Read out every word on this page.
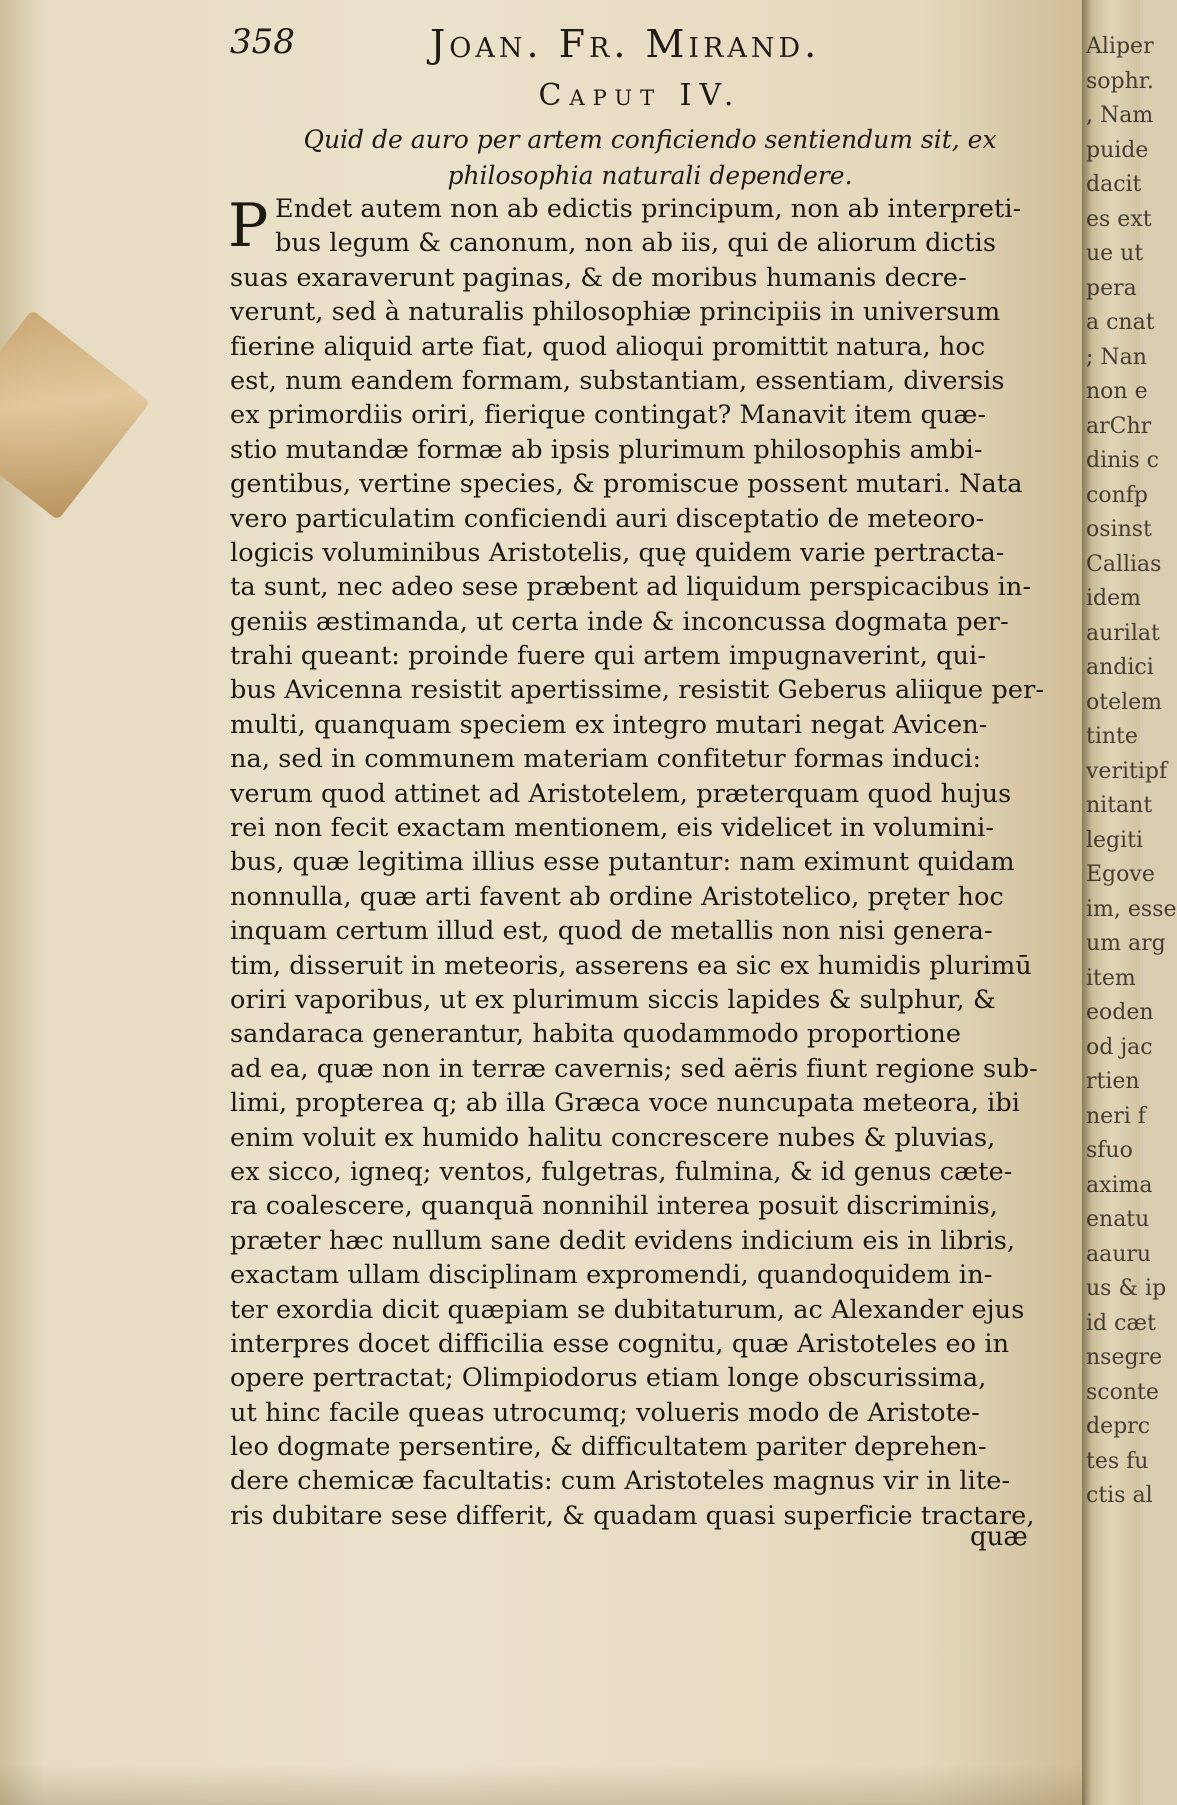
Aliper
sophr.
, Nam
puide
dacit
es ext
ue ut
pera
a cnat
; Nan
non e
arChr
dinis c
confp
osinst
Callias
idem
aurilat
andici
otelem
tinte
veritipf
nitant
legiti
Egove
im, esse
um arg
item
eoden
od jac
rtien
neri f
sfuo
axima
enatu
aauru
us & ip
id cæt
nsegre
sconte
deprc
tes fu
ctis al
358	Joan. Fr. Mirand.
Caput IV.
Quid de auro per artem conficiendo sentiendum sit, ex
philosophia naturali dependere.
P Endet autem non ab edictis principum, non ab interpreti-
bus legum & canonum, non ab iis, qui de aliorum dictis
suas exaraverunt paginas, & de moribus humanis decre-
verunt, sed à naturalis philosophiæ principiis in universum
fierine aliquid arte fiat, quod alioqui promittit natura, hoc
est, num eandem formam, substantiam, essentiam, diversis
ex primordiis oriri, fierique contingat? Manavit item quæ-
stio mutandæ formæ ab ipsis plurimum philosophis ambi-
gentibus, vertine species, & promiscue possent mutari. Nata
vero particulatim conficiendi auri disceptatio de meteoro-
logicis voluminibus Aristotelis, quę quidem varie pertracta-
ta sunt, nec adeo sese præbent ad liquidum perspicacibus in-
geniis æstimanda, ut certa inde & inconcussa dogmata per-
trahi queant: proinde fuere qui artem impugnaverint, qui-
bus Avicenna resistit apertissime, resistit Geberus aliique per-
multi, quanquam speciem ex integro mutari negat Avicen-
na, sed in communem materiam confitetur formas induci:
verum quod attinet ad Aristotelem, præterquam quod hujus
rei non fecit exactam mentionem, eis videlicet in volumini-
bus, quæ legitima illius esse putantur: nam eximunt quidam
nonnulla, quæ arti favent ab ordine Aristotelico, pręter hoc
inquam certum illud est, quod de metallis non nisi genera-
tim, disseruit in meteoris, asserens ea sic ex humidis plurimū
oriri vaporibus, ut ex plurimum siccis lapides & sulphur, &
sandaraca generantur, habita quodammodo proportione
ad ea, quæ non in terræ cavernis; sed aëris fiunt regione sub-
limi, propterea q; ab illa Græca voce nuncupata meteora, ibi
enim voluit ex humido halitu concrescere nubes & pluvias,
ex sicco, igneq; ventos, fulgetras, fulmina, & id genus cæte-
ra coalescere, quanquā nonnihil interea posuit discriminis,
præter hæc nullum sane dedit evidens indicium eis in libris,
exactam ullam disciplinam expromendi, quandoquidem in-
ter exordia dicit quæpiam se dubitaturum, ac Alexander ejus
interpres docet difficilia esse cognitu, quæ Aristoteles eo in
opere pertractat; Olimpiodorus etiam longe obscurissima,
ut hinc facile queas utrocumq; volueris modo de Aristote-
leo dogmate persentire, & difficultatem pariter deprehen-
dere chemicæ facultatis: cum Aristoteles magnus vir in lite-
ris dubitare sese differit, & quadam quasi superficie tractare,
quæ
